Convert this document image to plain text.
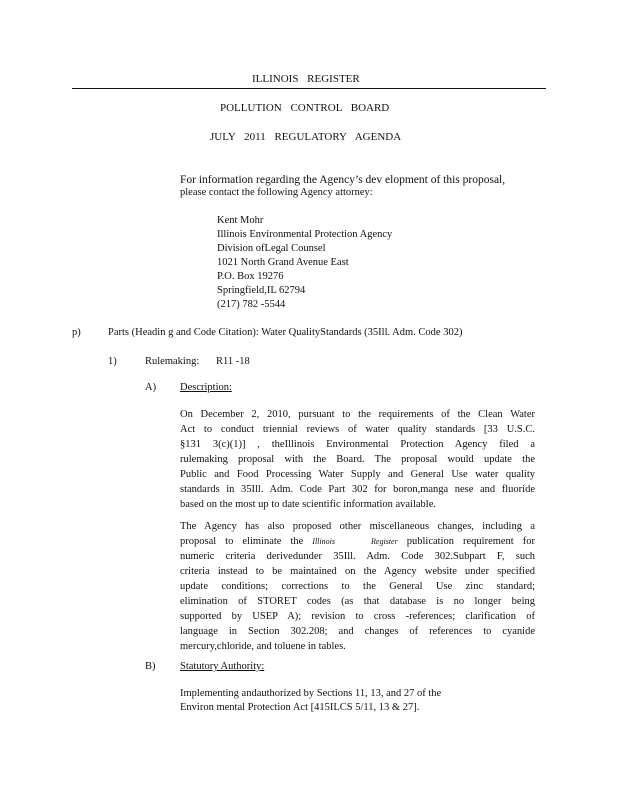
ILLINOIS REGISTER
POLLUTION CONTROL BOARD
JULY 2011 REGULATORY AGENDA
For information regarding the Agency’s dev elopment of this proposal,
please contact the following Agency attorney:
Kent Mohr
Illinois Environmental Protection Agency
Division ofLegal Counsel
1021 North Grand Avenue East
P.O. Box 19276
Springfield,IL 62794
(217) 782 -5544
p)	Parts (Headin g and Code Citation): Water QualityStandards (35Ill. Adm. Code 302)
1)	Rulemaking: R11 -18
A) Description:
On December 2, 2010, pursuant to the requirements of the Clean Water
Act to conduct triennial reviews of water quality standards [33 U.S.C.
§131 3(c)(1)] , theIllinois Environmental Protection Agency filed a
rulemaking proposal with the Board. The proposal would update the
Public and Food Processing Water Supply and General Use water quality
standards in 35Ill. Adm. Code Part 302 for boron,manga nese and fluoride
based on the most up to date scientific information available.
The Agency has also proposed other miscellaneous changes, including a
proposal to eliminate the Illinois	Register publication requirement for
numeric criteria derivedunder 35Ill. Adm. Code 302.Subpart F, such
criteria instead to be maintained on the Agency website under specified
update conditions; corrections to the General Use zinc standard;
elimination of STORET codes (as that database is no longer being
supported by USEP A); revision to cross -references; clarification of
language in Section 302.208; and changes of references to cyanide
mercury,chloride, and toluene in tables.
B) Statutory Authority:
Implementing andauthorized by Sections 11, 13, and 27 of the
Environ mental Protection Act [415ILCS 5/11, 13 & 27].
